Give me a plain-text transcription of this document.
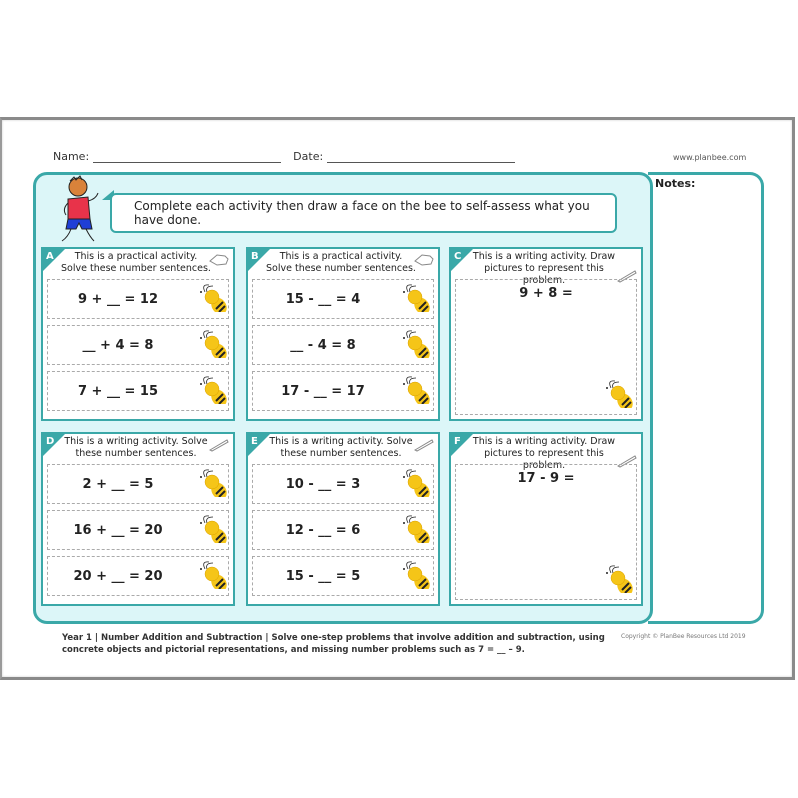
Name:	Date:	www.planbee.com
Notes:
Complete each activity then draw a face on the bee to self-assess what you have done.
A	This is a practical activity. Solve these number sentences.
9 + __ = 12
__ + 4 = 8
7 + __ = 15
B	This is a practical activity. Solve these number sentences.
15 - __ = 4
__ - 4 = 8
17 - __ = 17
C	This is a writing activity. Draw pictures to represent this problem.
9 + 8 =
D	This is a writing activity. Solve these number sentences.
2 + __ = 5
16 + __ = 20
20 + __ = 20
E	This is a writing activity. Solve these number sentences.
10 - __ = 3
12 - __ = 6
15 - __ = 5
F	This is a writing activity. Draw pictures to represent this problem.
17 - 9 =
Year 1 | Number Addition and Subtraction | Solve one-step problems that involve addition and subtraction, using concrete objects and pictorial representations, and missing number problems such as 7 = __ – 9.
Copyright © PlanBee Resources Ltd 2019
